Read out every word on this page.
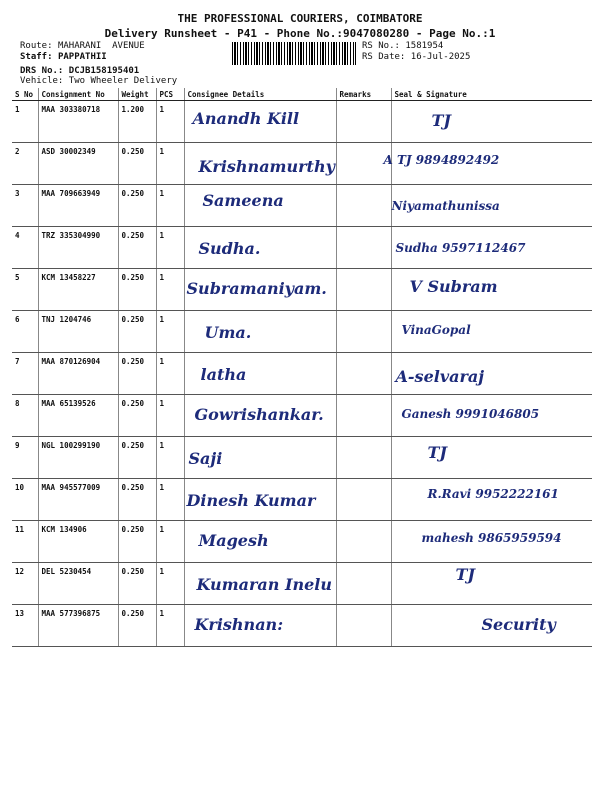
THE PROFESSIONAL COURIERS, COIMBATORE
Delivery Runsheet - P41 - Phone No.:9047080280 - Page No.:1
Route: MAHARANI  AVENUE
Staff: PAPPATHII
DRS No.: DCJB158195401
Vehicle: Two Wheeler Delivery
RS No.: 1581954
RS Date: 16-Jul-2025
S No	Consignment No	Weight	PCS	Consignee Details	Remarks	Seal & Signature
1	MAA 303380718	1.200	1	Anandh Kill		TJ

2	ASD 30002349	0.250	1	Krishnamurthy		A TJ 9894892492

3	MAA 709663949	0.250	1	Sameena		Niyamathunissa

4	TRZ 335304990	0.250	1	Sudha.		Sudha 9597112467

5	KCM 13458227	0.250	1	Subramaniyam.		V Subram

6	TNJ 1204746	0.250	1	Uma.		VinaGopal

7	MAA 870126904	0.250	1	latha		A-selvaraj

8	MAA 65139526	0.250	1	Gowrishankar.		Ganesh 9991046805

9	NGL 100299190	0.250	1	Saji		TJ

10	MAA 945577009	0.250	1	Dinesh Kumar		R.Ravi 9952222161

11	KCM 134906	0.250	1	Magesh		mahesh 9865959594

12	DEL 5230454	0.250	1	Kumaran Inelu		TJ

13	MAA 577396875	0.250	1	Krishnan:		Security
